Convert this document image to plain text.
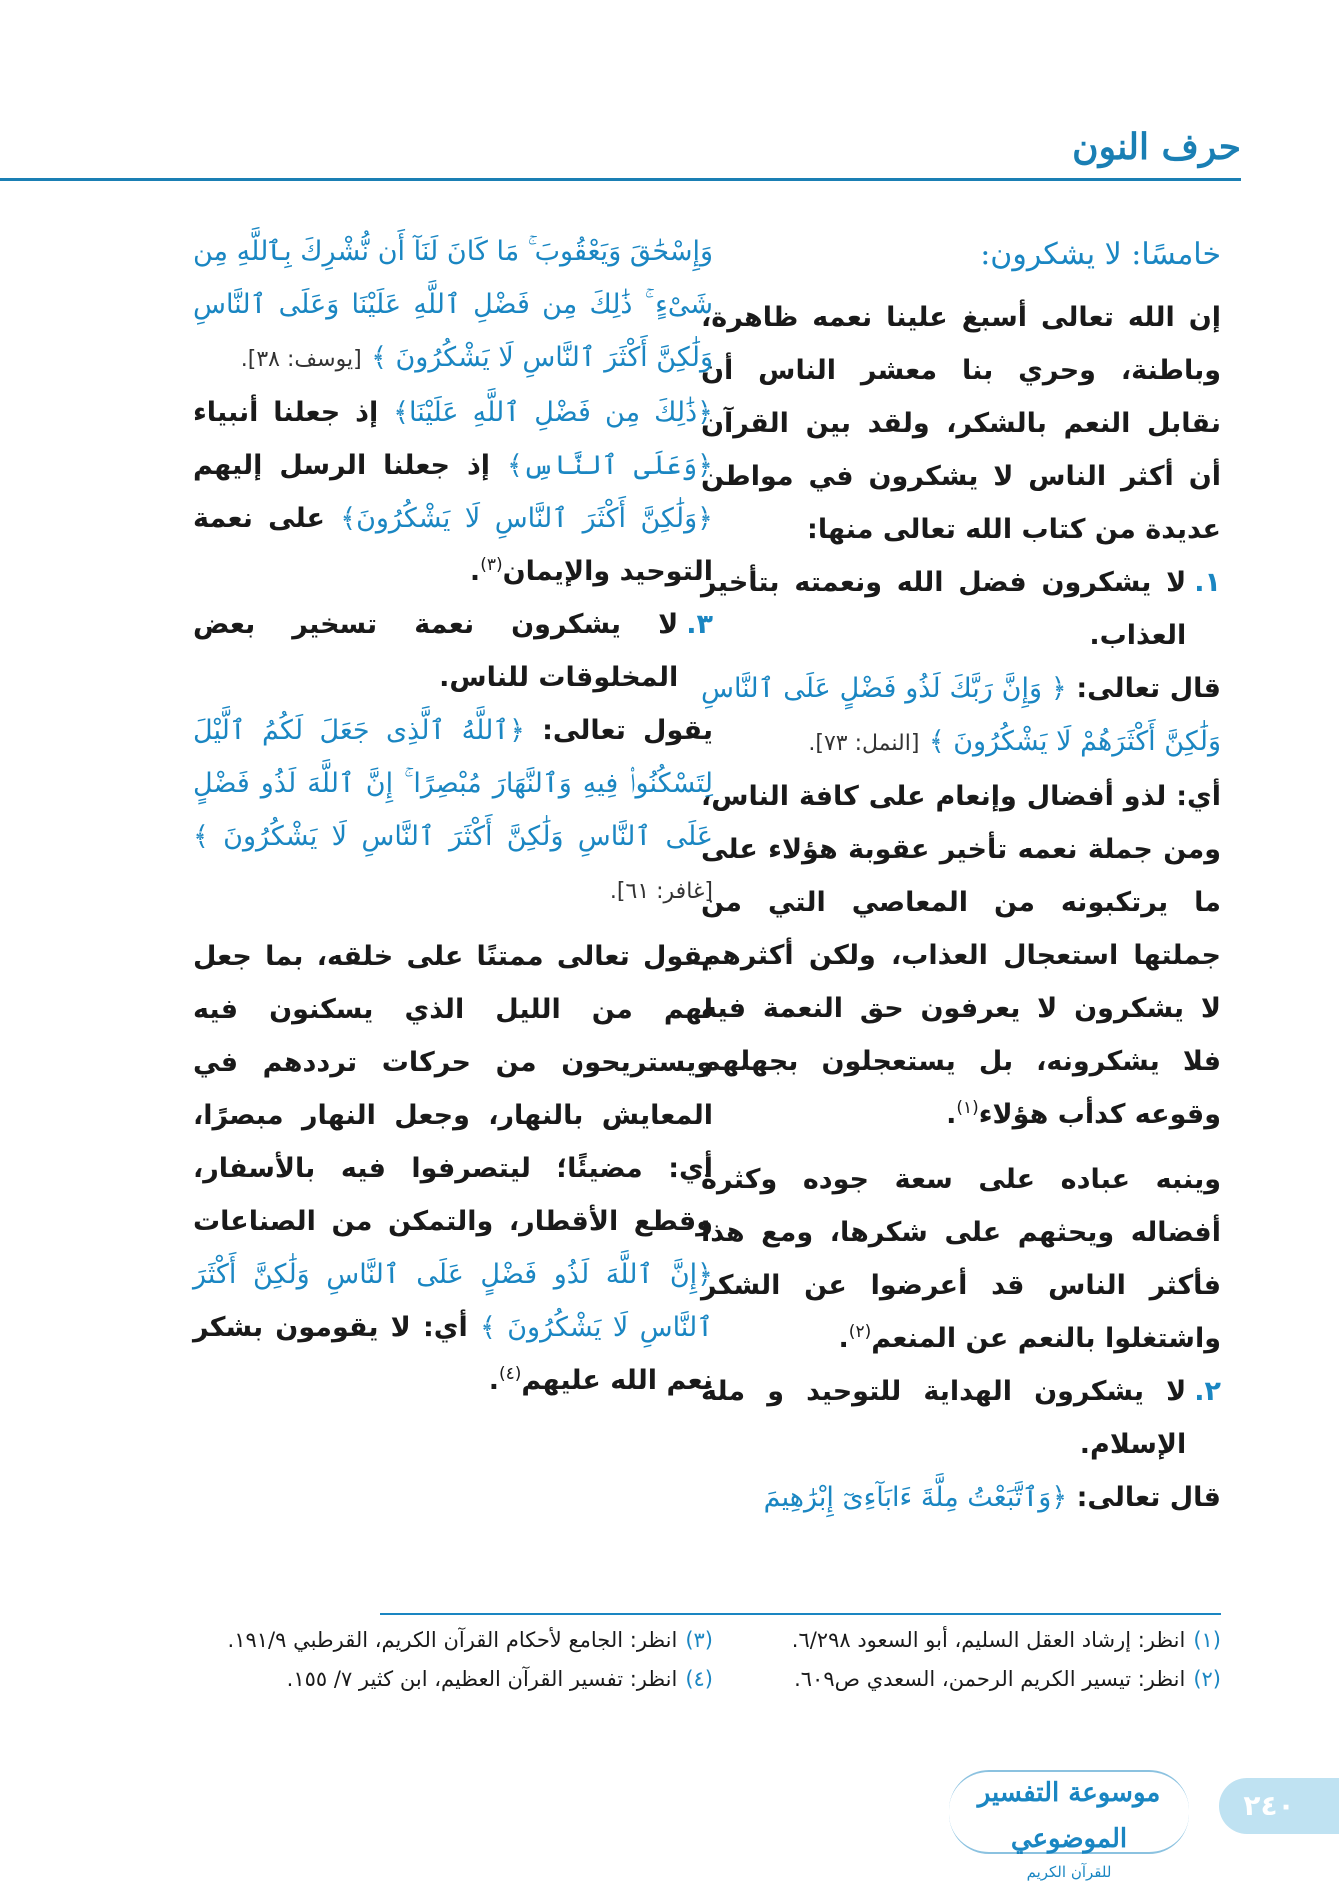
حرف النون
خامسًا: لا يشكرون:

إن الله تعالى أسبغ علينا نعمه ظاهرة، وباطنة، وحري بنا معشر الناس أن نقابل النعم بالشكر، ولقد بين القرآن أن أكثر الناس لا يشكرون في مواطن عديدة من كتاب الله تعالى منها:

١.
لا يشكرون فضل الله ونعمته بتأخير العذاب.

قال تعالى: ﴿ وَإِنَّ رَبَّكَ لَذُو فَضْلٍ عَلَى ٱلنَّاسِ وَلَٰكِنَّ أَكْثَرَهُمْ لَا يَشْكُرُونَ ﴾ [النمل: ٧٣].

أي: لذو أفضال وإنعام على كافة الناس، ومن جملة نعمه تأخير عقوبة هؤلاء على ما يرتكبونه من المعاصي التي من جملتها استعجال العذاب، ولكن أكثرهم لا يشكرون لا يعرفون حق النعمة فيه فلا يشكرونه، بل يستعجلون بجهلهم وقوعه كدأب هؤلاء$^{(١)}$.

وينبه عباده على سعة جوده وكثرة أفضاله ويحثهم على شكرها، ومع هذا فأكثر الناس قد أعرضوا عن الشكر واشتغلوا بالنعم عن المنعم$^{(٢)}$.

٢.
لا يشكرون الهداية للتوحيد و ملة الإسلام.

قال تعالى: ﴿وَٱتَّبَعْتُ مِلَّةَ ءَابَآءِىٓ إِبْرَٰهِيمَ

وَإِسْحَٰقَ وَيَعْقُوبَ ۚ مَا كَانَ لَنَآ أَن نُّشْرِكَ بِٱللَّهِ مِن شَىْءٍ ۚ ذَٰلِكَ مِن فَضْلِ ٱللَّهِ عَلَيْنَا وَعَلَى ٱلنَّاسِ وَلَٰكِنَّ أَكْثَرَ ٱلنَّاسِ لَا يَشْكُرُونَ ﴾ [يوسف: ٣٨].

﴿ذَٰلِكَ مِن فَضْلِ ٱللَّهِ عَلَيْنَا﴾ إذ جعلنا أنبياء ﴿وَعَلَى ٱلنَّاسِ﴾ إذ جعلنا الرسل إليهم ﴿وَلَٰكِنَّ أَكْثَرَ ٱلنَّاسِ لَا يَشْكُرُونَ﴾ على نعمة التوحيد والإيمان$^{(٣)}$.

٣.
لا يشكرون نعمة تسخير بعض المخلوقات للناس.

يقول تعالى: ﴿ٱللَّهُ ٱلَّذِى جَعَلَ لَكُمُ ٱلَّيْلَ لِتَسْكُنُوا۟ فِيهِ وَٱلنَّهَارَ مُبْصِرًا ۚ إِنَّ ٱللَّهَ لَذُو فَضْلٍ عَلَى ٱلنَّاسِ وَلَٰكِنَّ أَكْثَرَ ٱلنَّاسِ لَا يَشْكُرُونَ ﴾ [غافر: ٦١].

يقول تعالى ممتنًا على خلقه، بما جعل لهم من الليل الذي يسكنون فيه ويستريحون من حركات ترددهم في المعايش بالنهار، وجعل النهار مبصرًا، أي: مضيئًا؛ ليتصرفوا فيه بالأسفار، وقطع الأقطار، والتمكن من الصناعات ﴿إِنَّ ٱللَّهَ لَذُو فَضْلٍ عَلَى ٱلنَّاسِ وَلَٰكِنَّ أَكْثَرَ ٱلنَّاسِ لَا يَشْكُرُونَ ﴾ أي: لا يقومون بشكر نعم الله عليهم$^{(٤)}$.

(١)
انظر: إرشاد العقل السليم، أبو السعود ٦/٢٩٨.
(٢)
انظر: تيسير الكريم الرحمن، السعدي ص٦٠٩.
(٣)
انظر: الجامع لأحكام القرآن الكريم، القرطبي ١٩١/٩.
(٤)
انظر: تفسير القرآن العظيم، ابن كثير ٧/ ١٥٥.
٢٤٠
موسوعة التفسير الموضوعي
للقرآن الكريم
